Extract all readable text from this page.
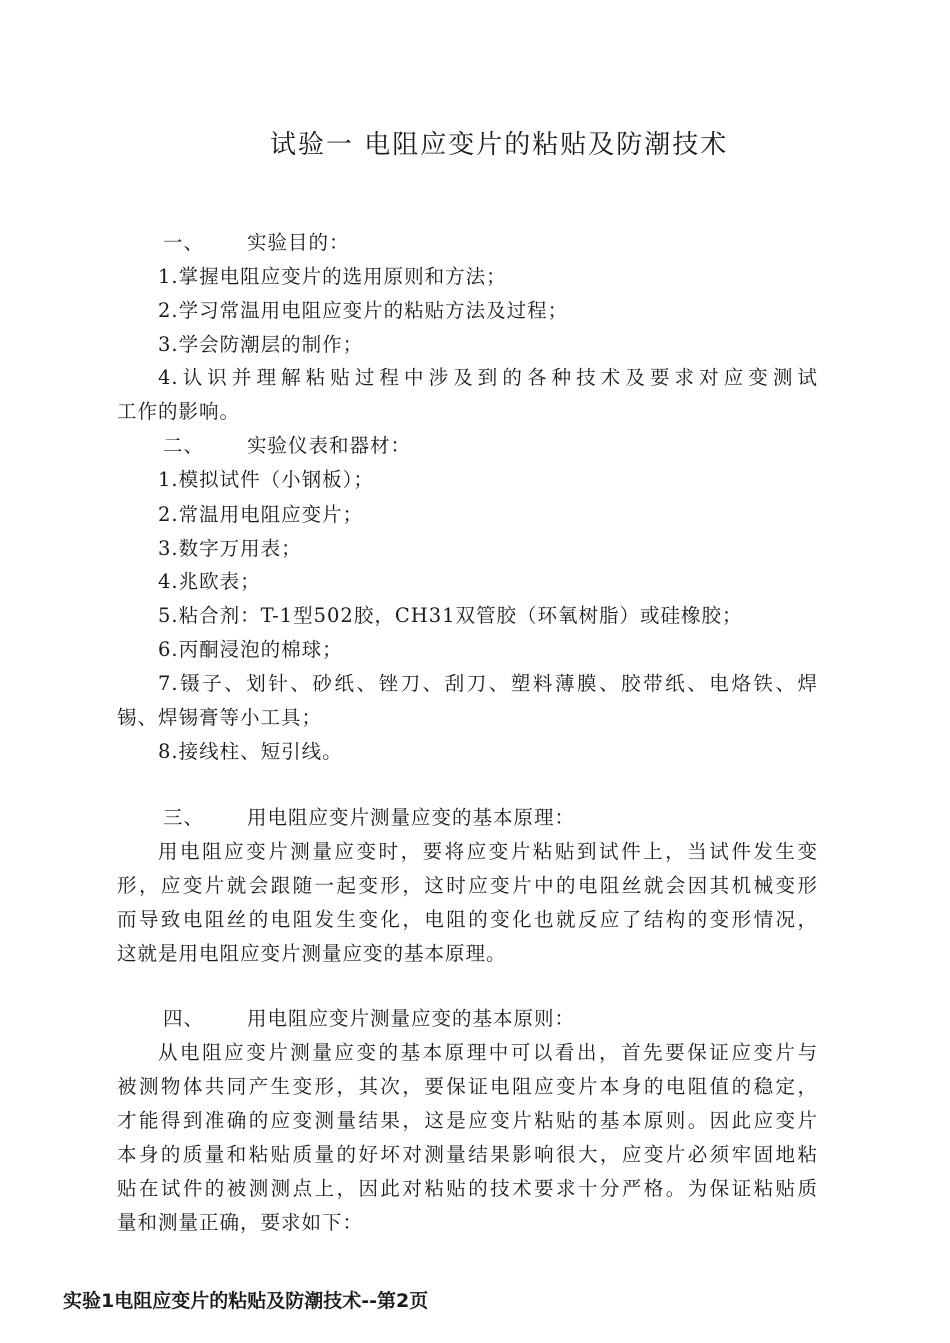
试验一 电阻应变片的粘贴及防潮技术
一、 实验目的：
1.掌握电阻应变片的选用原则和方法；
2.学习常温用电阻应变片的粘贴方法及过程；
3.学会防潮层的制作；
4.认识并理解粘贴过程中涉及到的各种技术及要求对应变测试
工作的影响。
二、 实验仪表和器材：
1.模拟试件（小钢板）；
2.常温用电阻应变片；
3.数字万用表；
4.兆欧表；
5.粘合剂：T-1型502胶，CH31双管胶（环氧树脂）或硅橡胶；
6.丙酮浸泡的棉球；
7.镊子、划针、砂纸、锉刀、刮刀、塑料薄膜、胶带纸、电烙铁、焊
锡、焊锡膏等小工具；
8.接线柱、短引线。
三、 用电阻应变片测量应变的基本原理：
用电阻应变片测量应变时，要将应变片粘贴到试件上，当试件发生变
形，应变片就会跟随一起变形，这时应变片中的电阻丝就会因其机械变形
而导致电阻丝的电阻发生变化，电阻的变化也就反应了结构的变形情况，
这就是用电阻应变片测量应变的基本原理。
四、 用电阻应变片测量应变的基本原则：
从电阻应变片测量应变的基本原理中可以看出，首先要保证应变片与
被测物体共同产生变形，其次，要保证电阻应变片本身的电阻值的稳定，
才能得到准确的应变测量结果，这是应变片粘贴的基本原则。因此应变片
本身的质量和粘贴质量的好坏对测量结果影响很大，应变片必须牢固地粘
贴在试件的被测测点上，因此对粘贴的技术要求十分严格。为保证粘贴质
量和测量正确，要求如下：
实验1电阻应变片的粘贴及防潮技术--第2页
